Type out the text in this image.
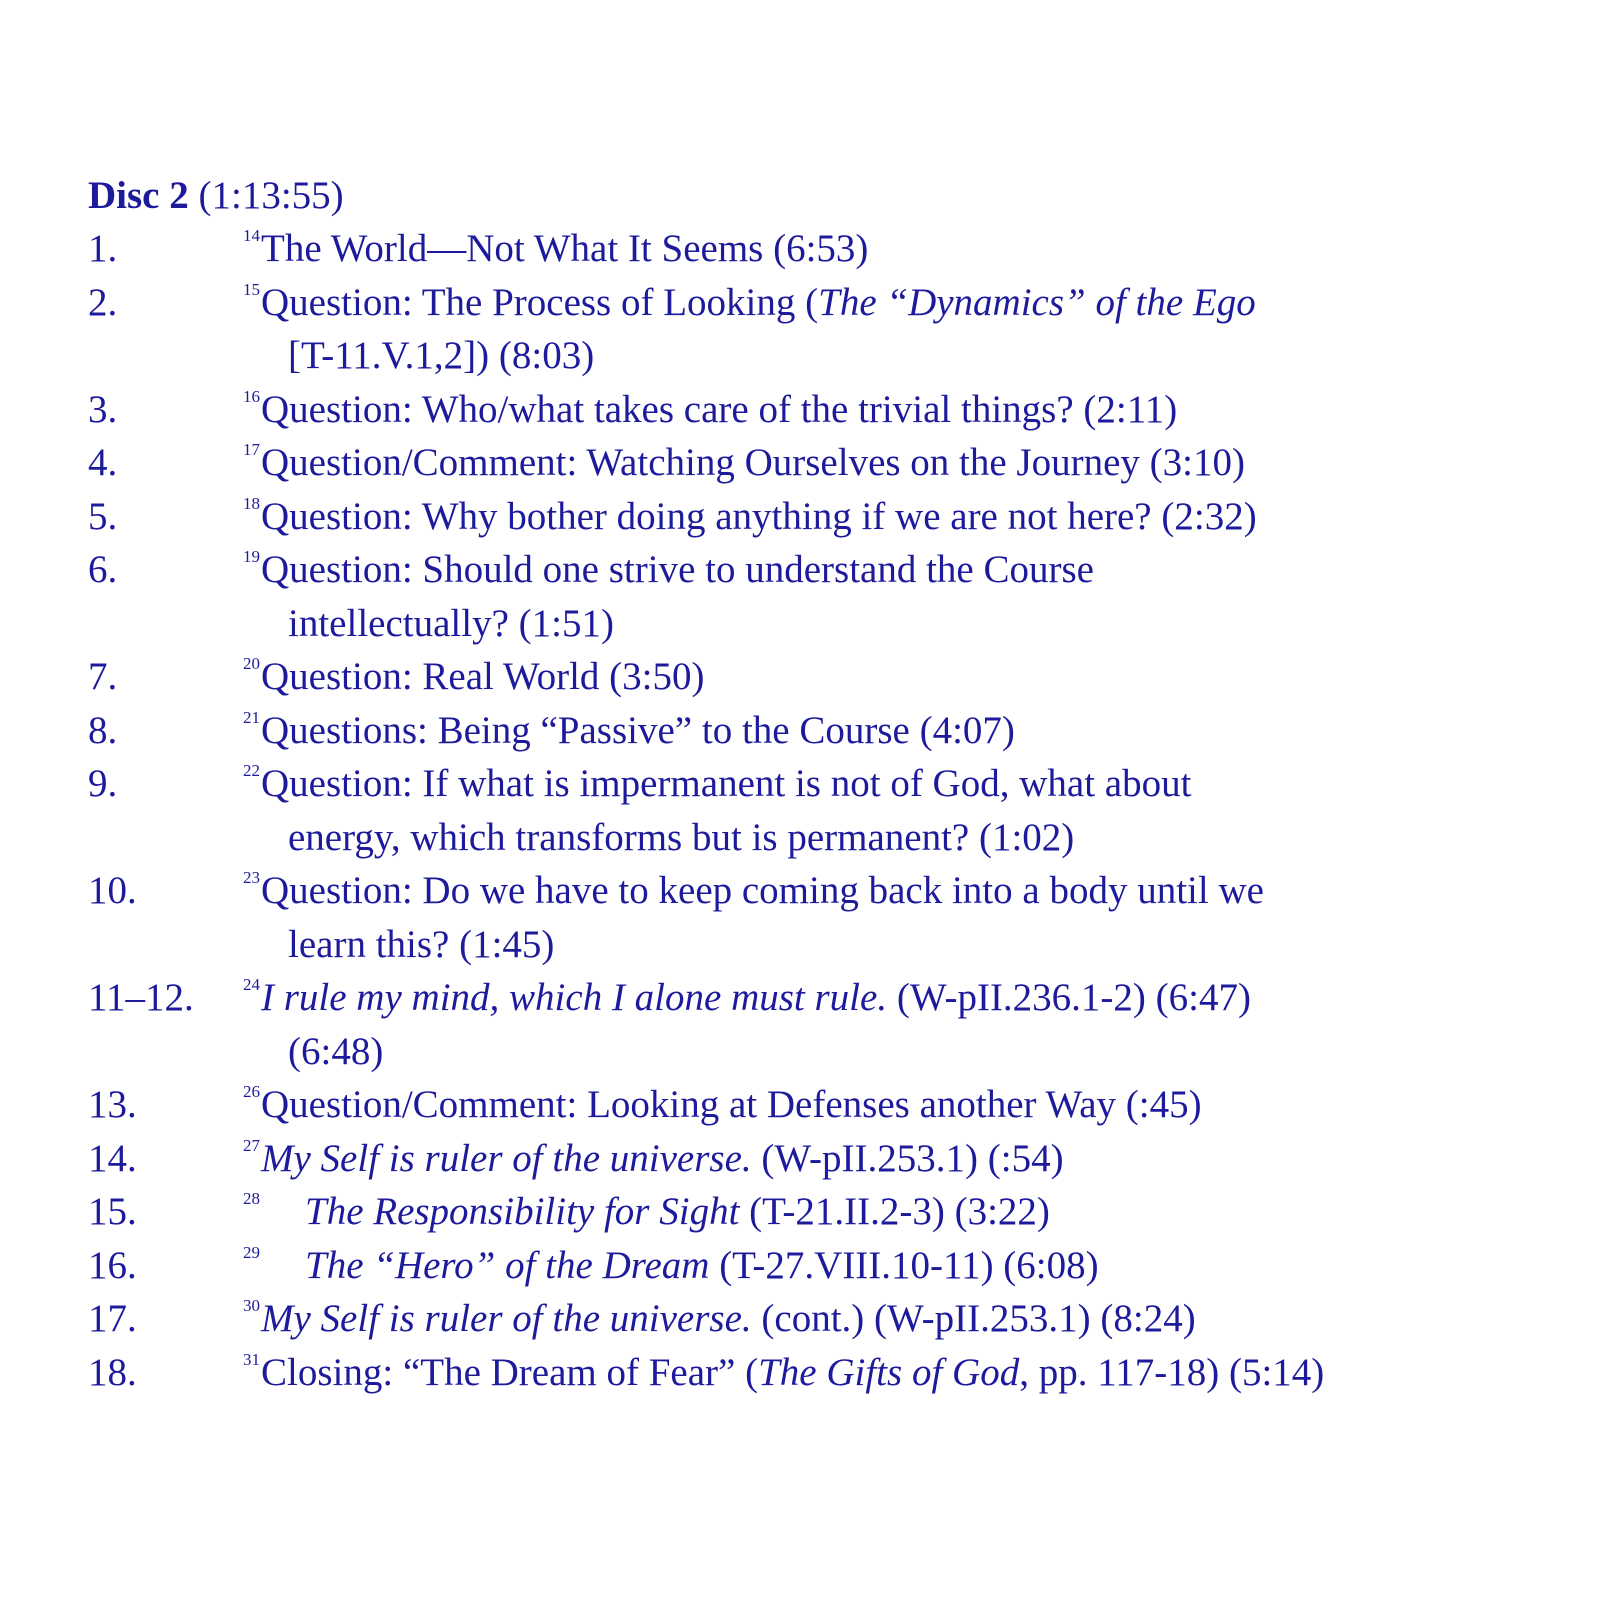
Disc 2 (1:13:55)
1.	$^{14}$The World—Not What It Seems (6:53)
2.	$^{15}$Question: The Process of Looking (The “Dynamics” of the Ego
[T-11.V.1,2]) (8:03)
3.	$^{16}$Question: Who/what takes care of the trivial things? (2:11)
4.	$^{17}$Question/Comment: Watching Ourselves on the Journey (3:10)
5.	$^{18}$Question: Why bother doing anything if we are not here? (2:32)
6.	$^{19}$Question: Should one strive to understand the Course
intellectually? (1:51)
7.	$^{20}$Question: Real World (3:50)
8.	$^{21}$Questions: Being “Passive” to the Course (4:07)
9.	$^{22}$Question: If what is impermanent is not of God, what about
energy, which transforms but is permanent? (1:02)
10.	$^{23}$Question: Do we have to keep coming back into a body until we
learn this? (1:45)
11–12.	$^{24}$I rule my mind, which I alone must rule. (W-pII.236.1-2) (6:47)
(6:48)
13.	$^{26}$Question/Comment: Looking at Defenses another Way (:45)
14.	$^{27}$My Self is ruler of the universe. (W-pII.253.1) (:54)
15.	$^{28}$ The Responsibility for Sight (T-21.II.2-3) (3:22)
16.	$^{29}$ The “Hero” of the Dream (T-27.VIII.10-11) (6:08)
17.	$^{30}$My Self is ruler of the universe. (cont.) (W-pII.253.1) (8:24)
18.	$^{31}$Closing: “The Dream of Fear” (The Gifts of God, pp. 117-18) (5:14)
